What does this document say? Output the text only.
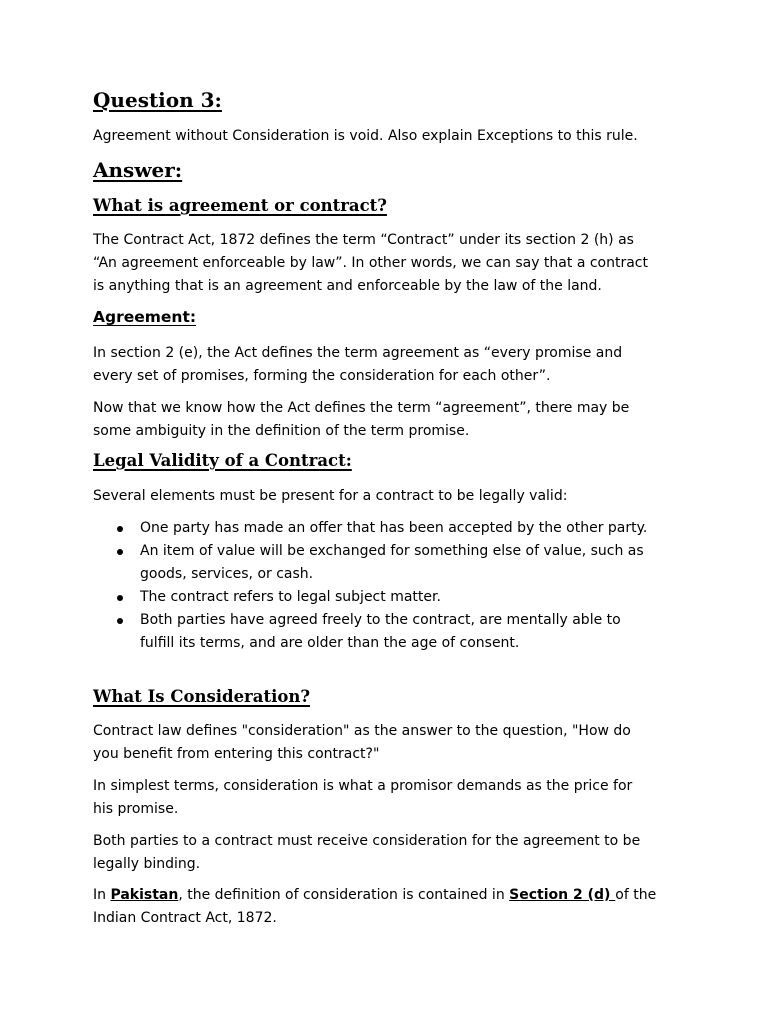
Question 3:

Agreement without Consideration is void. Also explain Exceptions to this rule.

Answer:
What is agreement or contract?

The Contract Act, 1872 defines the term “Contract” under its section 2 (h) as

“An agreement enforceable by law”. In other words, we can say that a contract

is anything that is an agreement and enforceable by the law of the land.

Agreement:

In section 2 (e), the Act defines the term agreement as “every promise and

every set of promises, forming the consideration for each other”.

Now that we know how the Act defines the term “agreement”, there may be

some ambiguity in the definition of the term promise.

Legal Validity of a Contract:

Several elements must be present for a contract to be legally valid:

One party has made an offer that has been accepted by the other party.
An item of value will be exchanged for something else of value, such as
goods, services, or cash.
The contract refers to legal subject matter.
Both parties have agreed freely to the contract, are mentally able to
fulfill its terms, and are older than the age of consent.
What Is Consideration?

Contract law defines "consideration" as the answer to the question, "How do

you benefit from entering this contract?"

In simplest terms, consideration is what a promisor demands as the price for

his promise.

Both parties to a contract must receive consideration for the agreement to be

legally binding.

In Pakistan, the definition of consideration is contained in Section 2 (d) of the

Indian Contract Act, 1872.
